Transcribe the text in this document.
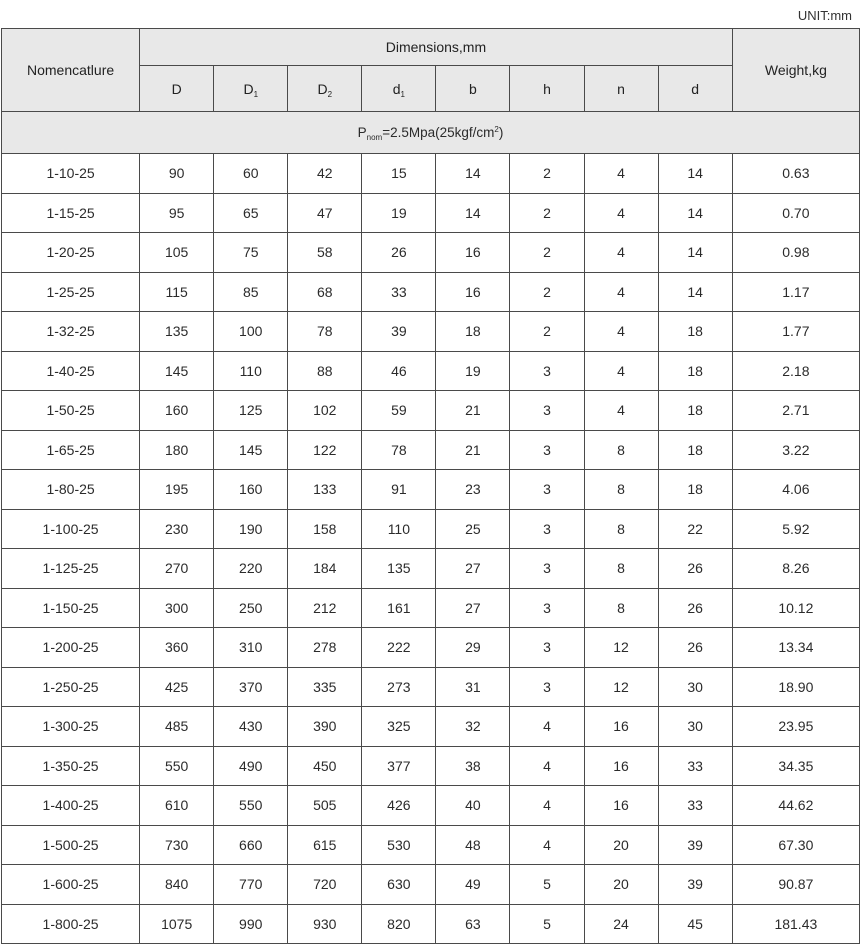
UNIT:mm
Nomencatlure	Dimensions,mm								Weight,kg
	D	$D_1$	$D_2$	$d_1$	b	h	n	d	
$P_{nom}=2.5Mpa(25kgf/cm^2)$									
1-10-25	90	60	42	15	14	2	4	14	0.63
1-15-25	95	65	47	19	14	2	4	14	0.70
1-20-25	105	75	58	26	16	2	4	14	0.98
1-25-25	115	85	68	33	16	2	4	14	1.17
1-32-25	135	100	78	39	18	2	4	18	1.77
1-40-25	145	110	88	46	19	3	4	18	2.18
1-50-25	160	125	102	59	21	3	4	18	2.71
1-65-25	180	145	122	78	21	3	8	18	3.22
1-80-25	195	160	133	91	23	3	8	18	4.06
1-100-25	230	190	158	110	25	3	8	22	5.92
1-125-25	270	220	184	135	27	3	8	26	8.26
1-150-25	300	250	212	161	27	3	8	26	10.12
1-200-25	360	310	278	222	29	3	12	26	13.34
1-250-25	425	370	335	273	31	3	12	30	18.90
1-300-25	485	430	390	325	32	4	16	30	23.95
1-350-25	550	490	450	377	38	4	16	33	34.35
1-400-25	610	550	505	426	40	4	16	33	44.62
1-500-25	730	660	615	530	48	4	20	39	67.30
1-600-25	840	770	720	630	49	5	20	39	90.87
1-800-25	1075	990	930	820	63	5	24	45	181.43
